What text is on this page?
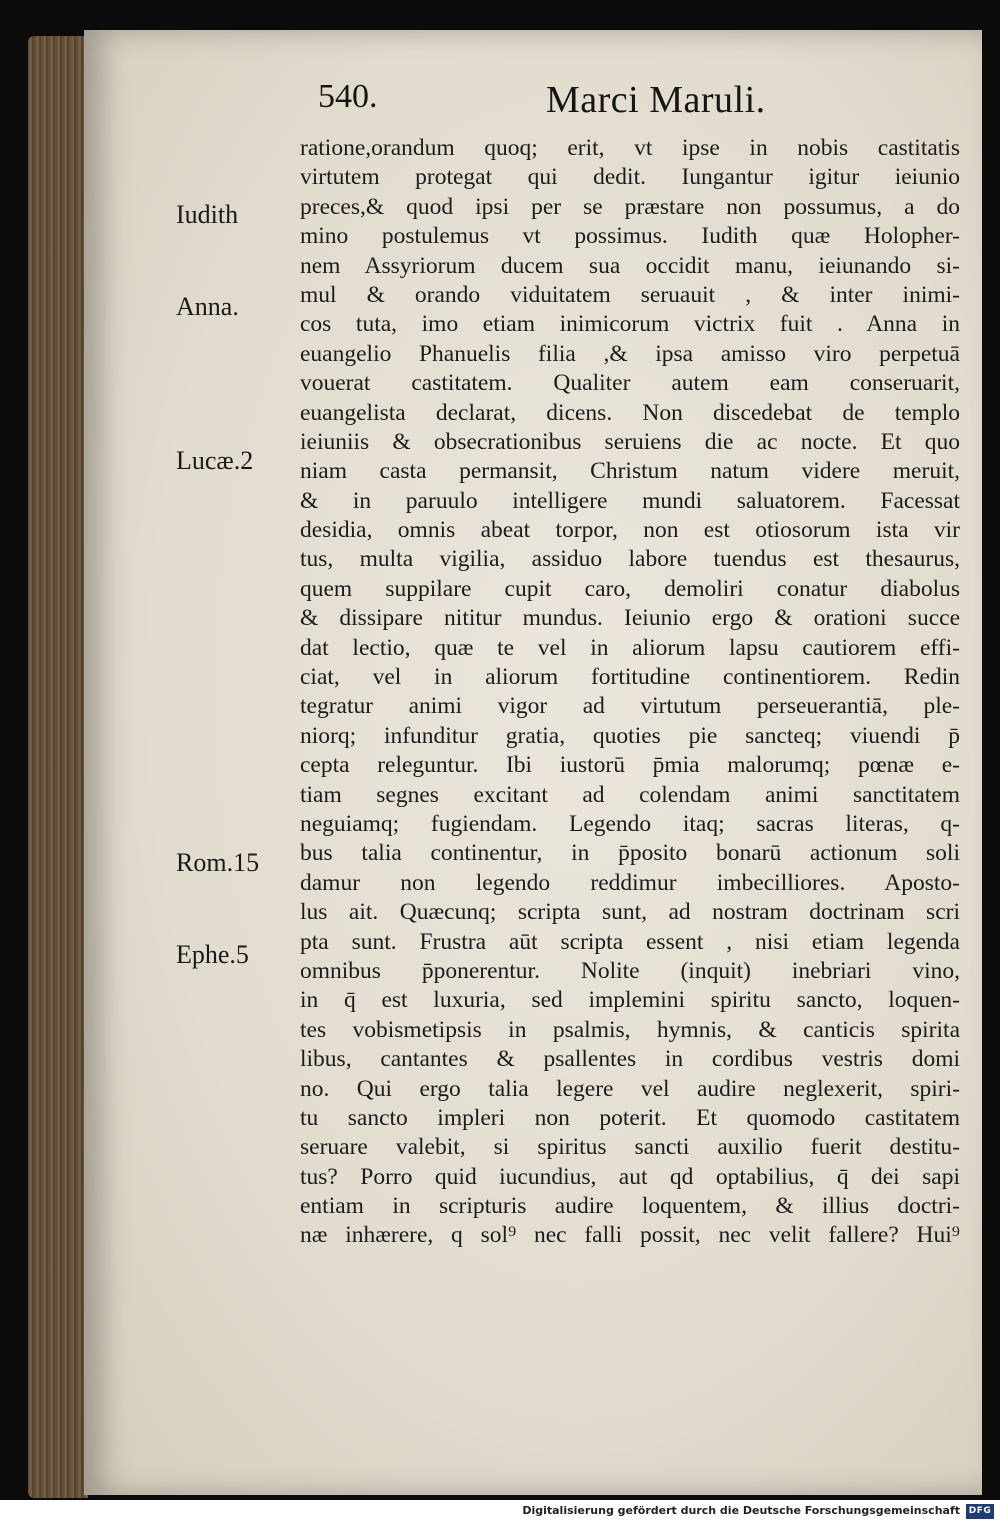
540.	Marci Maruli.
Iudith
Anna.
Lucæ.2
Rom.15
Ephe.5
ratione,orandum quoq; erit, vt ipse in nobis castitatis
virtutem protegat qui dedit. Iungantur igitur ieiunio
preces,& quod ipsi per se præstare non possumus, a do
mino postulemus vt possimus. Iudith quæ Holopher-
nem Assyriorum ducem sua occidit manu, ieiunando si-
mul & orando viduitatem seruauit , & inter inimi-
cos tuta, imo etiam inimicorum victrix fuit . Anna in
euangelio Phanuelis filia ,& ipsa amisso viro perpetuā
vouerat castitatem. Qualiter autem eam conseruarit,
euangelista declarat, dicens. Non discedebat de templo
ieiuniis & obsecrationibus seruiens die ac nocte. Et quo
niam casta permansit, Christum natum videre meruit,
& in paruulo intelligere mundi saluatorem. Facessat
desidia, omnis abeat torpor, non est otiosorum ista vir
tus, multa vigilia, assiduo labore tuendus est thesaurus,
quem suppilare cupit caro, demoliri conatur diabolus
& dissipare nititur mundus. Ieiunio ergo & orationi succe
dat lectio, quæ te vel in aliorum lapsu cautiorem effi-
ciat, vel in aliorum fortitudine continentiorem. Redin
tegratur animi vigor ad virtutum perseuerantiā, ple-
niorq; infunditur gratia, quoties pie sancteq; viuendi p̄
cepta releguntur. Ibi iustorū p̄mia malorumq; pœnæ e-
tiam segnes excitant ad colendam animi sanctitatem
neguiamq; fugiendam. Legendo itaq; sacras literas, q-
bus talia continentur, in p̄posito bonarū actionum soli
damur non legendo reddimur imbecilliores. Aposto-
lus ait. Quæcunq; scripta sunt, ad nostram doctrinam scri
pta sunt. Frustra aūt scripta essent , nisi etiam legenda
omnibus p̄ponerentur. Nolite (inquit) inebriari vino,
in q̄ est luxuria, sed implemini spiritu sancto, loquen-
tes vobismetipsis in psalmis, hymnis, & canticis spirita
libus, cantantes & psallentes in cordibus vestris domi
no. Qui ergo talia legere vel audire neglexerit, spiri-
tu sancto impleri non poterit. Et quomodo castitatem
seruare valebit, si spiritus sancti auxilio fuerit destitu-
tus? Porro quid iucundius, aut qd optabilius, q̄ dei sapi
entiam in scripturis audire loquentem, & illius doctri-
næ inhærere, q sol⁹ nec falli possit, nec velit fallere? Hui⁹
Digitalisierung gefördert durch die Deutsche Forschungsgemeinschaft DFG
